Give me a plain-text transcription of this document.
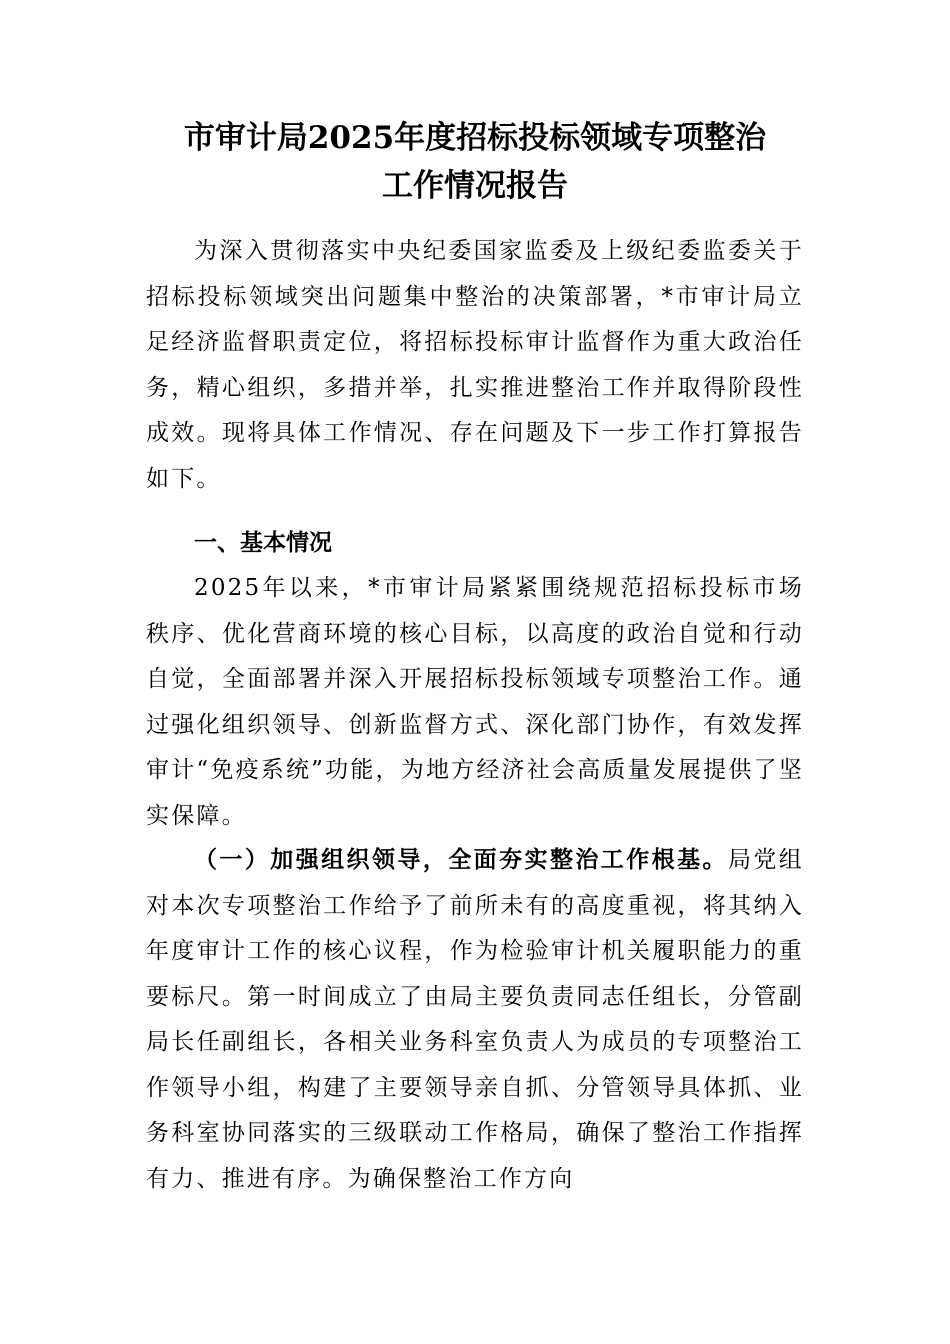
市审计局2025年度招标投标领域专项整治
工作情况报告

为深入贯彻落实中央纪委国家监委及上级纪委监委关于招标投标领域突出问题集中整治的决策部署，*市审计局立足经济监督职责定位，将招标投标审计监督作为重大政治任务，精心组织，多措并举，扎实推进整治工作并取得阶段性成效。现将具体工作情况、存在问题及下一步工作打算报告如下。

一、基本情况

2025年以来，*市审计局紧紧围绕规范招标投标市场秩序、优化营商环境的核心目标，以高度的政治自觉和行动自觉，全面部署并深入开展招标投标领域专项整治工作。通过强化组织领导、创新监督方式、深化部门协作，有效发挥审计“免疫系统”功能，为地方经济社会高质量发展提供了坚实保障。

（一）加强组织领导，全面夯实整治工作根基。局党组对本次专项整治工作给予了前所未有的高度重视，将其纳入年度审计工作的核心议程，作为检验审计机关履职能力的重要标尺。第一时间成立了由局主要负责同志任组长，分管副局长任副组长，各相关业务科室负责人为成员的专项整治工作领导小组，构建了主要领导亲自抓、分管领导具体抓、业务科室协同落实的三级联动工作格局，确保了整治工作指挥有力、推进有序。为确保整治工作方向
